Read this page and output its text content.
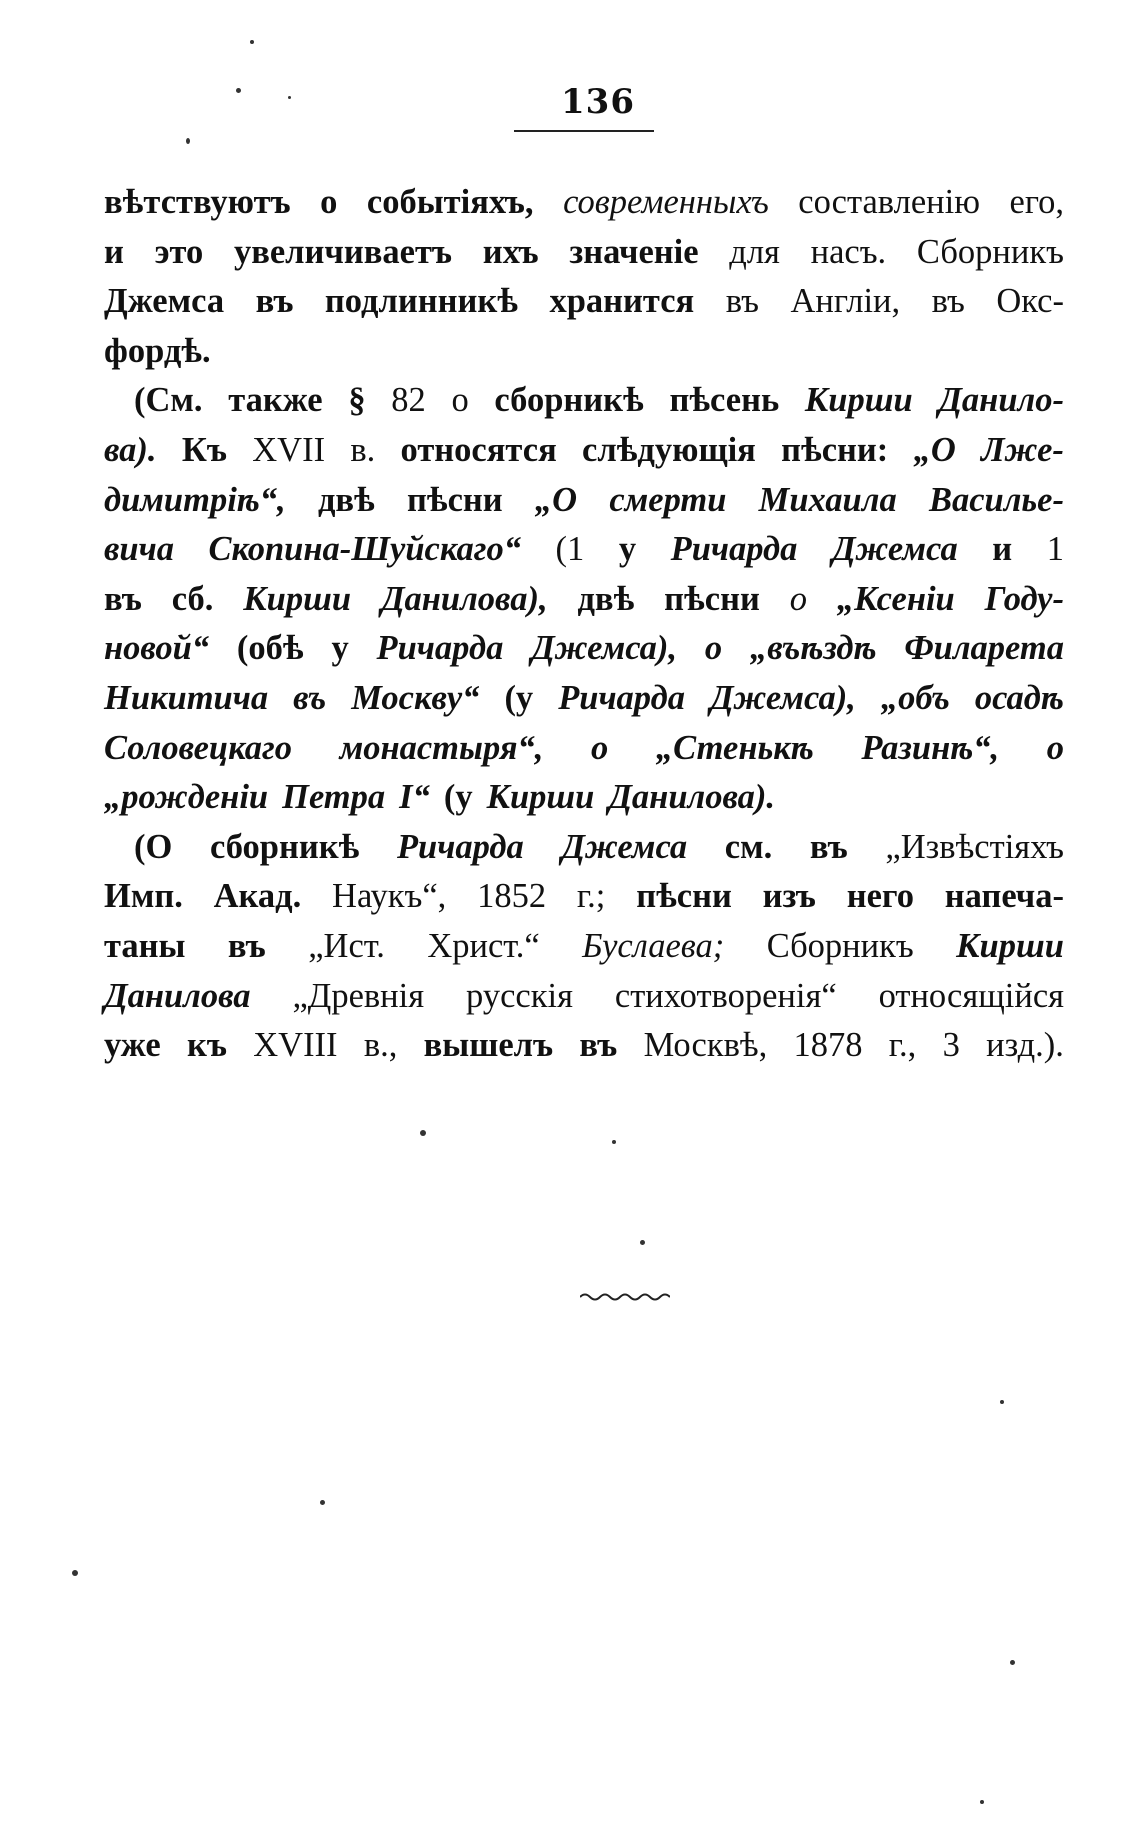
136
вѣтствуютъ о событіяхъ, современныхъ составленію его,
и это увеличиваетъ ихъ значеніе для насъ. Сборникъ
Джемса въ подлинникѣ хранится въ Англіи, въ Окс-
фордѣ.
(См. также § 82 о сборникѣ пѣсень Кирши Данило-
ва). Къ XVII в. относятся слѣдующія пѣсни: „О Лже-
димитріѣ“, двѣ пѣсни „О смерти Михаила Василье-
вича Скопина-Шуйскаго“ (1 у Ричарда Джемса и 1
въ сб. Кирши Данилова), двѣ пѣсни о „Ксеніи Году-
новой“ (обѣ у Ричарда Джемса), о „въѣздѣ Филарета
Никитича въ Москву“ (у Ричарда Джемса), „объ осадѣ
Соловецкаго монастыря“, о „Стенькѣ Разинѣ“, о
„рожденіи Петра I“ (у Кирши Данилова).
(О сборникѣ Ричарда Джемса см. въ „Извѣстіяхъ
Имп. Акад. Наукъ“, 1852 г.; пѣсни изъ него напеча-
таны въ „Ист. Христ.“ Буслаева; Сборникъ Кирши
Данилова „Древнія русскія стихотворенія“ относящійся
уже къ XVIII в., вышелъ въ Москвѣ, 1878 г., 3 изд.).
